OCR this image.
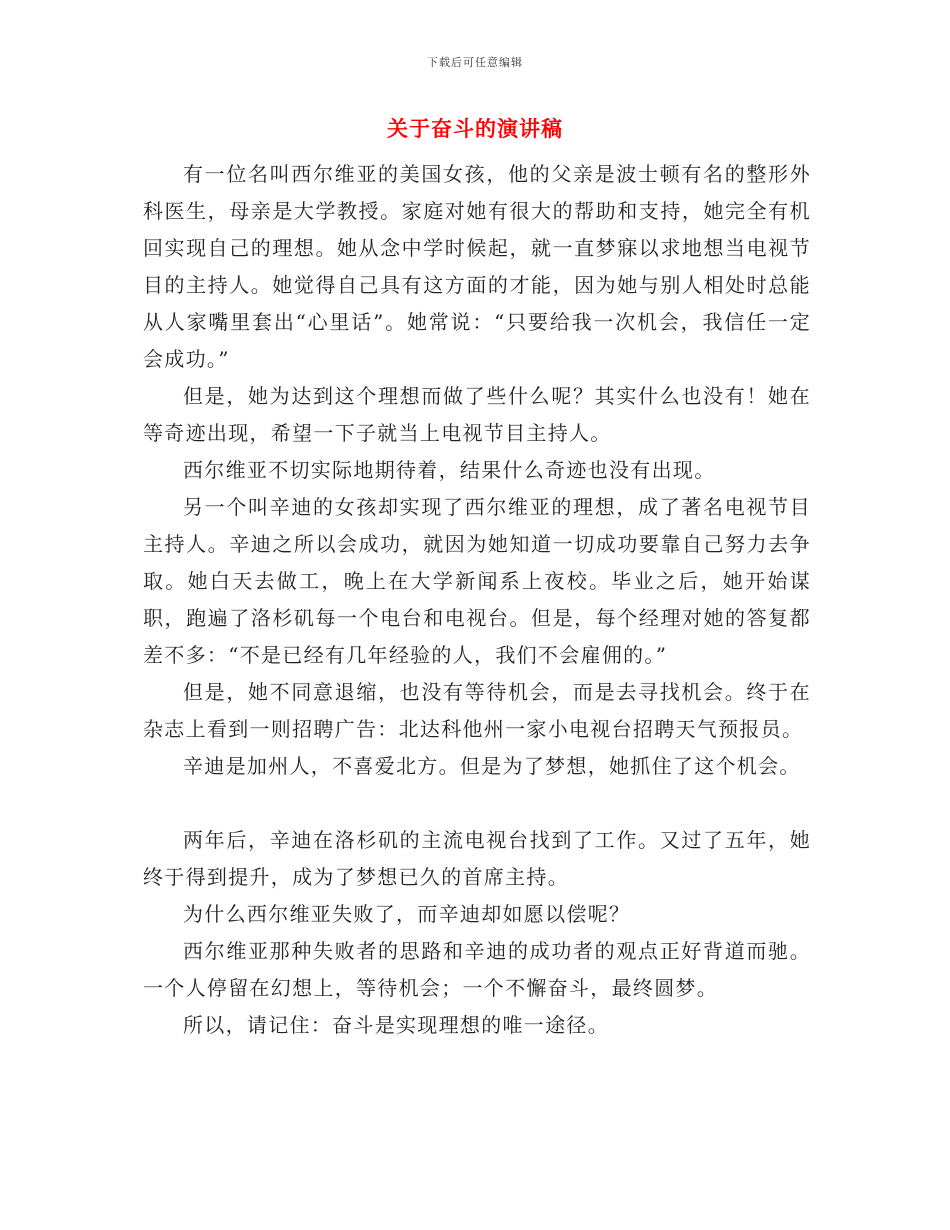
下载后可任意编辑
关于奋斗的演讲稿

有一位名叫西尔维亚的美国女孩，他的父亲是波士顿有名的整形外科医生，母亲是大学教授。家庭对她有很大的帮助和支持，她完全有机回实现自己的理想。她从念中学时候起，就一直梦寐以求地想当电视节目的主持人。她觉得自己具有这方面的才能，因为她与别人相处时总能从人家嘴里套出“心里话”。她常说：“只要给我一次机会，我信任一定会成功。”

但是，她为达到这个理想而做了些什么呢？其实什么也没有！她在等奇迹出现，希望一下子就当上电视节目主持人。

西尔维亚不切实际地期待着，结果什么奇迹也没有出现。

另一个叫辛迪的女孩却实现了西尔维亚的理想，成了著名电视节目主持人。辛迪之所以会成功，就因为她知道一切成功要靠自己努力去争取。她白天去做工，晚上在大学新闻系上夜校。毕业之后，她开始谋职，跑遍了洛杉矶每一个电台和电视台。但是，每个经理对她的答复都差不多：“不是已经有几年经验的人，我们不会雇佣的。”

但是，她不同意退缩，也没有等待机会，而是去寻找机会。终于在杂志上看到一则招聘广告：北达科他州一家小电视台招聘天气预报员。

辛迪是加州人，不喜爱北方。但是为了梦想，她抓住了这个机会。

两年后，辛迪在洛杉矶的主流电视台找到了工作。又过了五年，她终于得到提升，成为了梦想已久的首席主持。

为什么西尔维亚失败了，而辛迪却如愿以偿呢？

西尔维亚那种失败者的思路和辛迪的成功者的观点正好背道而驰。一个人停留在幻想上，等待机会；一个不懈奋斗，最终圆梦。

所以，请记住：奋斗是实现理想的唯一途径。
